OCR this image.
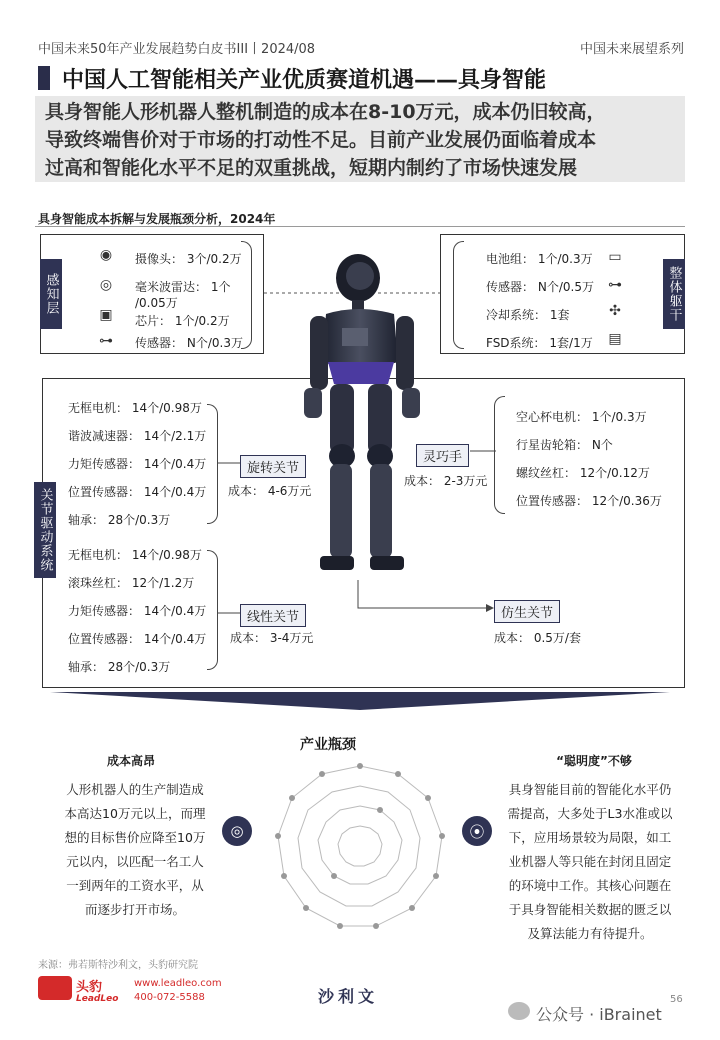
中国未来50年产业发展趋势白皮书III丨2024/08	中国未来展望系列
中国人工智能相关产业优质赛道机遇——具身智能
具身智能人形机器人整机制造的成本在8-10万元，成本仍旧较高，
导致终端售价对于市场的打动性不足。目前产业发展仍面临着成本
过高和智能化水平不足的双重挑战，短期内制约了市场快速发展
具身智能成本拆解与发展瓶颈分析，2024年
感知层
◉ 摄像头： 3个/0.2万
◎ 毫米波雷达： 1个
/0.05万
▣ 芯片： 1个/0.2万
⊶ 传感器： N个/0.3万
整体躯干
电池组： 1个/0.3万 ▭
传感器： N个/0.5万 ⊶
冷却系统： 1套	✣
FSD系统： 1套/1万 ▤
关节驱动系统
无框电机： 14个/0.98万
谐波减速器： 14个/2.1万
力矩传感器： 14个/0.4万
位置传感器： 14个/0.4万
轴承： 28个/0.3万
旋转关节
成本： 4-6万元
无框电机： 14个/0.98万
滚珠丝杠： 12个/1.2万
力矩传感器： 14个/0.4万
位置传感器： 14个/0.4万
轴承： 28个/0.3万
线性关节
成本： 3-4万元
灵巧手
成本： 2-3万元
空心杯电机： 1个/0.3万
行星齿轮箱： N个
螺纹丝杠： 12个/0.12万
位置传感器： 12个/0.36万
仿生关节
成本： 0.5万/套
产业瓶颈
成本高昂
人形机器人的生产制造成
本高达10万元以上，而理
想的目标售价应降至10万
元以内，以匹配一名工人
一到两年的工资水平，从
而逐步打开市场。
◎
“聪明度”不够
⦿
具身智能目前的智能化水平仍
需提高，大多处于L3水准或以
下，应用场景较为局限，如工
业机器人等只能在封闭且固定
的环境中工作。其核心问题在
于具身智能相关数据的匮乏以
及算法能力有待提升。
来源：弗若斯特沙利文，头豹研究院
头豹
LeadLeo
www.leadleo.com
400-072-5588	沙利文	56
公众号 · iBrainet
